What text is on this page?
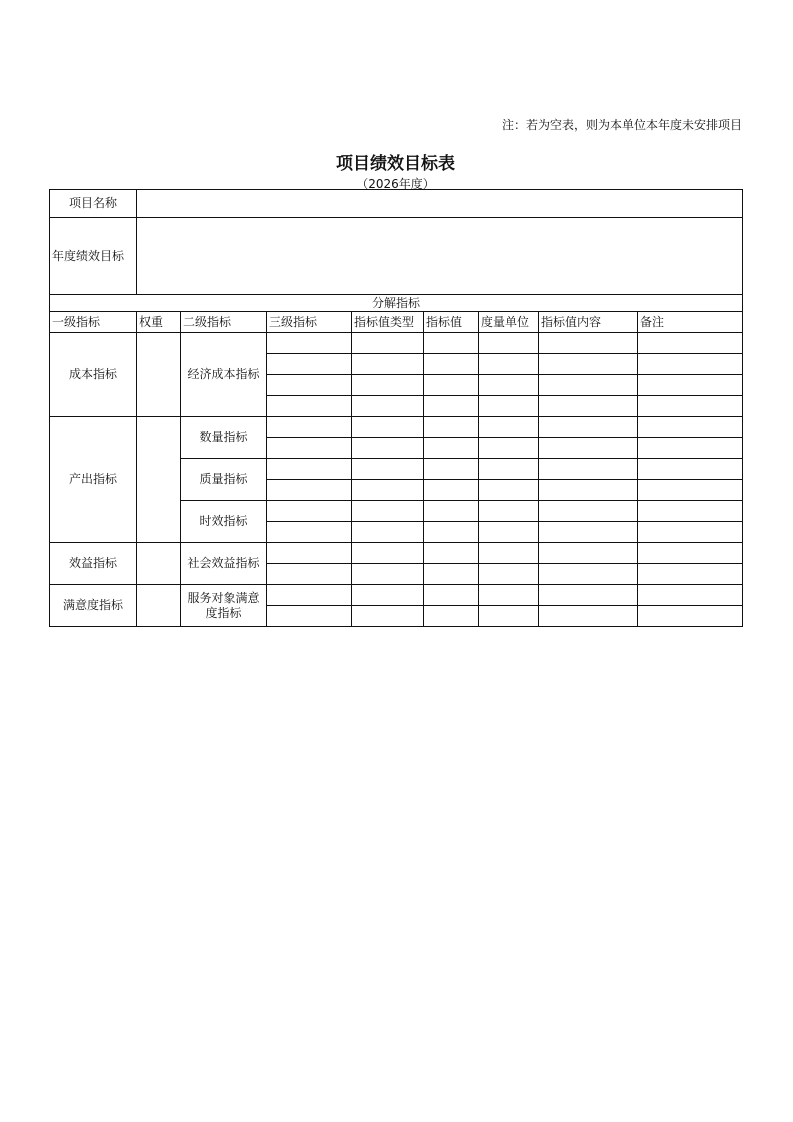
注：若为空表，则为本单位本年度未安排项目
项目绩效目标表
（2026年度）
项目名称								
年度绩效目标								
分解指标								
一级指标	权重	二级指标	三级指标	指标值类型	指标值	度量单位	指标值内容	备注
成本指标		经济成本指标						

产出指标		数量指标						

		质量指标						

		时效指标						

效益指标		社会效益指标						

满意度指标		服务对象满意度指标						
